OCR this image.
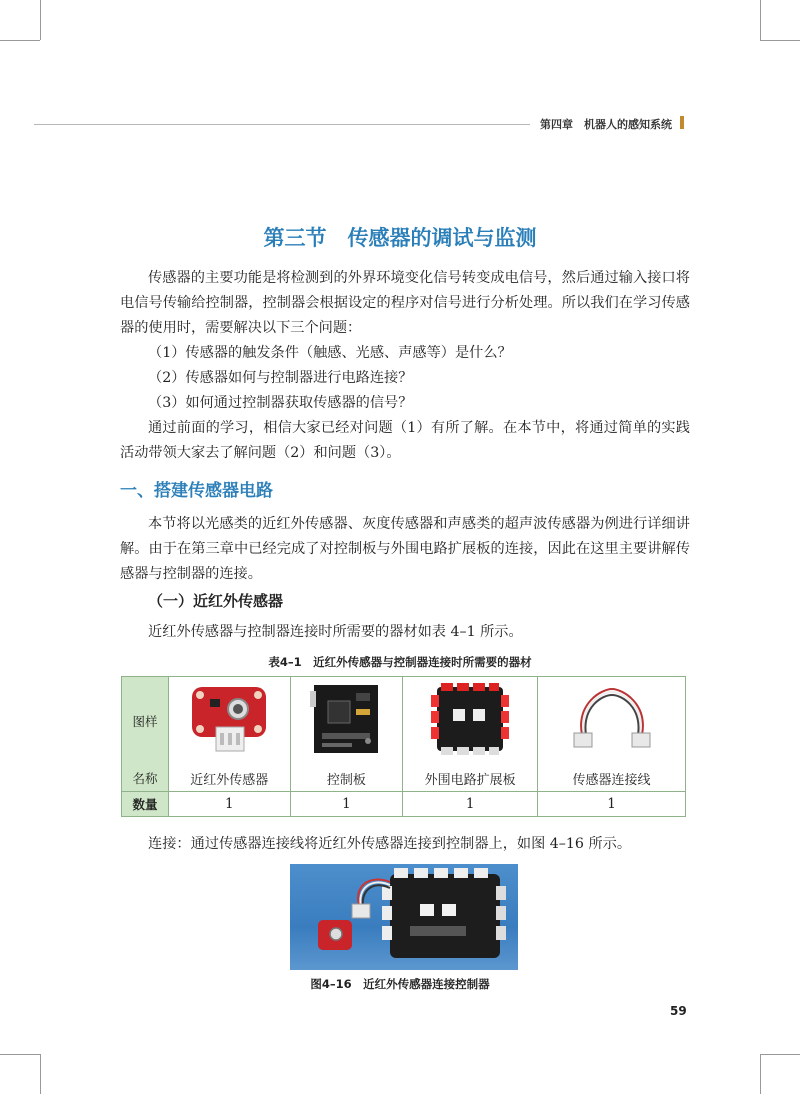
第四章　机器人的感知系统
第三节　传感器的调试与监测

传感器的主要功能是将检测到的外界环境变化信号转变成电信号，然后通过输入接口将电信号传输给控制器，控制器会根据设定的程序对信号进行分析处理。所以我们在学习传感器的使用时，需要解决以下三个问题：

（1）传感器的触发条件（触感、光感、声感等）是什么？
（2）传感器如何与控制器进行电路连接？
（3）如何通过控制器获取传感器的信号？

通过前面的学习，相信大家已经对问题（1）有所了解。在本节中，将通过简单的实践活动带领大家去了解问题（2）和问题（3）。

一、搭建传感器电路

本节将以光感类的近红外传感器、灰度传感器和声感类的超声波传感器为例进行详细讲解。由于在第三章中已经完成了对控制板与外围电路扩展板的连接，因此在这里主要讲解传感器与控制器的连接。

（一）近红外传感器
近红外传感器与控制器连接时所需要的器材如表 4–1 所示。
表4–1　近红外传感器与控制器连接时所需要的器材
图样				
名称	近红外传感器	控制板	外围电路扩展板	传感器连接线
数量	1	1	1	1
连接：通过传感器连接线将近红外传感器连接到控制器上，如图 4–16 所示。
图4–16　近红外传感器连接控制器
59
